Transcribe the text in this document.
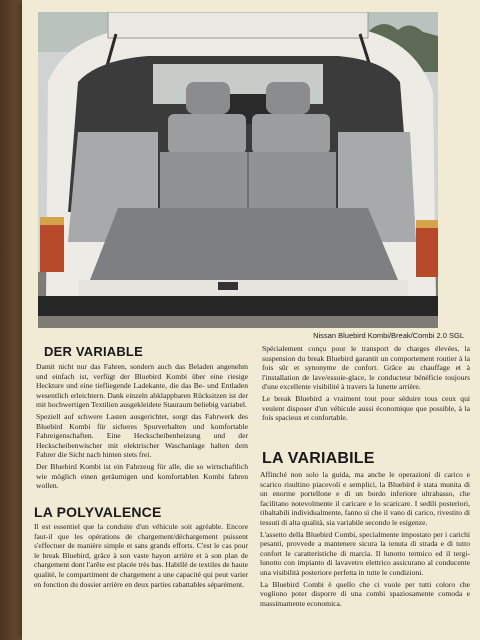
Nissan Bluebird Kombi/Break/Combi 2.0 SGL
DER VARIABLE

Damit nicht nur das Fahren, sondern auch das Beladen angenehm und einfach ist, verfügt der Bluebird Kombi über eine riesige Heckture und eine tiefliegende Ladekante, die das Be- und Entladen wesentlich erleichtern. Dank einzeln abklappbaren Rücksitzen ist der mit hochwertigen Textilien ausgekleidete Stauraum beliebig variabel.

Speziell auf schwere Lasten ausgerichtet, sorgt das Fahrwerk des Bluebird Kombi für sicheres Spurverhalten und komfortable Fahreigenschaften. Eine Heckscheibenheizung und der Heckscheibenwischer mit elektrischer Waschanlage halten dem Fahrer die Sicht nach hinten stets frei.

Der Bluebird Kombi ist ein Fahrzeug für alle, die so wirtschaftlich wie möglich einen geräumigen und komfortablen Kombi fahren wollen.

LA POLYVALENCE
Il est essentiel que la conduite d'un véhicule soit agréable. Encore faut-il que les opérations de chargement/déchargement puissent s'effectuer de manière simple et sans grands efforts. C'est le cas pour le break Bluebird, grâce à son vaste hayon arrière et à son plan de chargement dont l'arête est placée très bas. Habillé de textiles de haute qualité, le compartiment de chargement a une capacité qui peut varier en fonction du dossier arrière en deux parties rabattables séparément.

Spécialement conçu pour le transport de charges élevées, la suspension du break Bluebird garantit un comportement routier à la fois sûr et synonyme de confort. Grâce au chauffage et à l'installation de lave/essuie-glace, le conducteur bénéficie toujours d'une excellente visibilité à travers la lunette arrière.

Le break Bluebird a vraiment tout pour séduire tous ceux qui veulent disposer d'un véhicule aussi économique que possible, à la fois spacieux et confortable.

LA VARIABILE

Affinché non solo la guida, ma anche le operazioni di carico e scarico risultino piacevoli e semplici, la Bluebird è stata munita di un enorme portellone e di un bordo inferiore ultrabasso, che facilitano notevolmente il caricare e lo scaricare. I sedili posteriori, ribaltabili individualmente, fanno sì che il vano di carico, rivestito di tessuti di alta qualità, sia variabile secondo le esigenze.

L'assetto della Bluebird Combi, specialmente impostato per i carichi pesanti, provvede a mantenere sicura la tenuta di strada e di tutto confort le caratteristiche di marcia. Il lunotto termico ed il tergi-lunotto con impianto di lavavetro elettrico assicurano al conducente una visibilità posteriore perfetta in tutte le condizioni.

La Bluebird Combi è quello che ci vuole per tutti coloro che vogliono poter disporre di una combi spaziosamente comoda e massimamente economica.
